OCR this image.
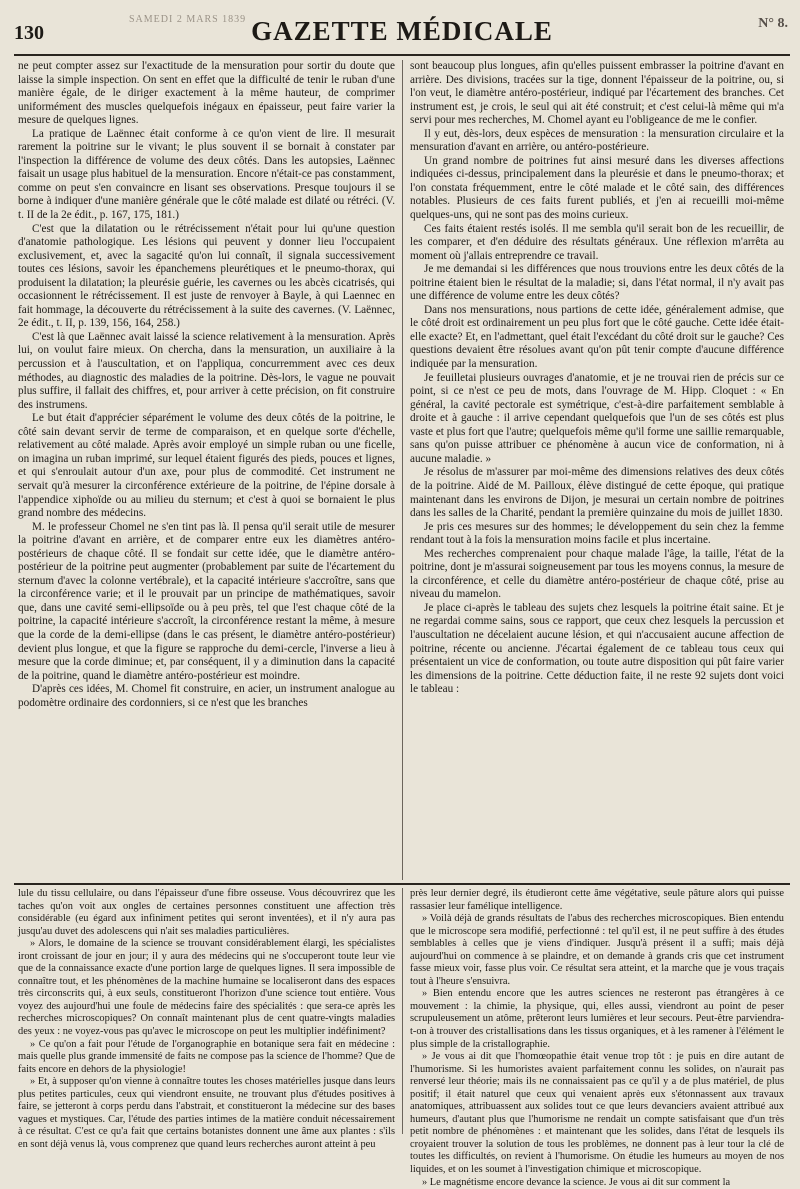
130
SAMEDI 2 MARS 1839 GAZETTE MÉDICALE	N° 8.

ne peut compter assez sur l'exactitude de la mensuration pour sortir du doute que laisse la simple inspection. On sent en effet que la difficulté de tenir le ruban d'une manière égale, de le diriger exactement à la même hauteur, de comprimer uniformément des muscles quelquefois inégaux en épaisseur, peut faire varier la mesure de quelques lignes.

La pratique de Laënnec était conforme à ce qu'on vient de lire. Il mesurait rarement la poitrine sur le vivant; le plus souvent il se bornait à constater par l'inspection la différence de volume des deux côtés. Dans les autopsies, Laënnec faisait un usage plus habituel de la mensuration. Encore n'était-ce pas constamment, comme on peut s'en convaincre en lisant ses observations. Presque toujours il se borne à indiquer d'une manière générale que le côté malade est dilaté ou rétréci. (V. t. II de la 2e édit., p. 167, 175, 181.)

C'est que la dilatation ou le rétrécissement n'était pour lui qu'une question d'anatomie pathologique. Les lésions qui peuvent y donner lieu l'occupaient exclusivement, et, avec la sagacité qu'on lui connaît, il signala successivement toutes ces lésions, savoir les épanchemens pleurétiques et le pneumo-thorax, qui produisent la dilatation; la pleurésie guérie, les cavernes ou les abcès cicatrisés, qui occasionnent le rétrécissement. Il est juste de renvoyer à Bayle, à qui Laennec en fait hommage, la découverte du rétrécissement à la suite des cavernes. (V. Laënnec, 2e édit., t. II, p. 139, 156, 164, 258.)

C'est là que Laënnec avait laissé la science relativement à la mensuration. Après lui, on voulut faire mieux. On chercha, dans la mensuration, un auxiliaire à la percussion et à l'auscultation, et on l'appliqua, concurremment avec ces deux méthodes, au diagnostic des maladies de la poitrine. Dès-lors, le vague ne pouvait plus suffire, il fallait des chiffres, et, pour arriver à cette précision, on fit construire des instrumens.

Le but était d'apprécier séparément le volume des deux côtés de la poitrine, le côté sain devant servir de terme de comparaison, et en quelque sorte d'échelle, relativement au côté malade. Après avoir employé un simple ruban ou une ficelle, on imagina un ruban imprimé, sur lequel étaient figurés des pieds, pouces et lignes, et qui s'enroulait autour d'un axe, pour plus de commodité. Cet instrument ne servait qu'à mesurer la circonférence extérieure de la poitrine, de l'épine dorsale à l'appendice xiphoïde ou au milieu du sternum; et c'est à quoi se bornaient le plus grand nombre des médecins.

M. le professeur Chomel ne s'en tint pas là. Il pensa qu'il serait utile de mesurer la poitrine d'avant en arrière, et de comparer entre eux les diamètres antéro-postérieurs de chaque côté. Il se fondait sur cette idée, que le diamètre antéro-postérieur de la poitrine peut augmenter (probablement par suite de l'écartement du sternum d'avec la colonne vertébrale), et la capacité intérieure s'accroître, sans que la circonférence varie; et il le prouvait par un principe de mathématiques, savoir que, dans une cavité semi-ellipsoïde ou à peu près, tel que l'est chaque côté de la poitrine, la capacité intérieure s'accroît, la circonférence restant la même, à mesure que la corde de la demi-ellipse (dans le cas présent, le diamètre antéro-postérieur) devient plus longue, et que la figure se rapproche du demi-cercle, l'inverse a lieu à mesure que la corde diminue; et, par conséquent, il y a diminution dans la capacité de la poitrine, quand le diamètre antéro-postérieur est moindre.

D'après ces idées, M. Chomel fit construire, en acier, un instrument analogue au podomètre ordinaire des cordonniers, si ce n'est que les branches

sont beaucoup plus longues, afin qu'elles puissent embrasser la poitrine d'avant en arrière. Des divisions, tracées sur la tige, donnent l'épaisseur de la poitrine, ou, si l'on veut, le diamètre antéro-postérieur, indiqué par l'écartement des branches. Cet instrument est, je crois, le seul qui ait été construit; et c'est celui-là même qui m'a servi pour mes recherches, M. Chomel ayant eu l'obligeance de me le confier.

Il y eut, dès-lors, deux espèces de mensuration : la mensuration circulaire et la mensuration d'avant en arrière, ou antéro-postérieure.

Un grand nombre de poitrines fut ainsi mesuré dans les diverses affections indiquées ci-dessus, principalement dans la pleurésie et dans le pneumo-thorax; et l'on constata fréquemment, entre le côté malade et le côté sain, des différences notables. Plusieurs de ces faits furent publiés, et j'en ai recueilli moi-même quelques-uns, qui ne sont pas des moins curieux.

Ces faits étaient restés isolés. Il me sembla qu'il serait bon de les recueillir, de les comparer, et d'en déduire des résultats généraux. Une réflexion m'arrêta au moment où j'allais entreprendre ce travail.

Je me demandai si les différences que nous trouvions entre les deux côtés de la poitrine étaient bien le résultat de la maladie; si, dans l'état normal, il n'y avait pas une différence de volume entre les deux côtés?

Dans nos mensurations, nous partions de cette idée, généralement admise, que le côté droit est ordinairement un peu plus fort que le côté gauche. Cette idée était-elle exacte? Et, en l'admettant, quel était l'excédant du côté droit sur le gauche? Ces questions devaient être résolues avant qu'on pût tenir compte d'aucune différence indiquée par la mensuration.

Je feuilletai plusieurs ouvrages d'anatomie, et je ne trouvai rien de précis sur ce point, si ce n'est ce peu de mots, dans l'ouvrage de M. Hipp. Cloquet : « En général, la cavité pectorale est symétrique, c'est-à-dire parfaitement semblable à droite et à gauche : il arrive cependant quelquefois que l'un de ses côtés est plus vaste et plus fort que l'autre; quelquefois même qu'il forme une saillie remarquable, sans qu'on puisse attribuer ce phénomène à aucun vice de conformation, ni à aucune maladie. »

Je résolus de m'assurer par moi-même des dimensions relatives des deux côtés de la poitrine. Aidé de M. Pailloux, élève distingué de cette époque, qui pratique maintenant dans les environs de Dijon, je mesurai un certain nombre de poitrines dans les salles de la Charité, pendant la première quinzaine du mois de juillet 1830.

Je pris ces mesures sur des hommes; le développement du sein chez la femme rendant tout à la fois la mensuration moins facile et plus incertaine.

Mes recherches comprenaient pour chaque malade l'âge, la taille, l'état de la poitrine, dont je m'assurai soigneusement par tous les moyens connus, la mesure de la circonférence, et celle du diamètre antéro-postérieur de chaque côté, prise au niveau du mamelon.

Je place ci-après le tableau des sujets chez lesquels la poitrine était saine. Et je ne regardai comme sains, sous ce rapport, que ceux chez lesquels la percussion et l'auscultation ne décelaient aucune lésion, et qui n'accusaient aucune affection de poitrine, récente ou ancienne. J'écartai également de ce tableau tous ceux qui présentaient un vice de conformation, ou toute autre disposition qui pût faire varier les dimensions de la poitrine. Cette déduction faite, il ne reste 92 sujets dont voici le tableau :

lule du tissu cellulaire, ou dans l'épaisseur d'une fibre osseuse. Vous découvrirez que les taches qu'on voit aux ongles de certaines personnes constituent une affection très considérable (eu égard aux infiniment petites qui seront inventées), et il n'y aura pas jusqu'au duvet des adolescens qui n'ait ses maladies particulières.

» Alors, le domaine de la science se trouvant considérablement élargi, les spécialistes iront croissant de jour en jour; il y aura des médecins qui ne s'occuperont toute leur vie que de la connaissance exacte d'une portion large de quelques lignes. Il sera impossible de connaître tout, et les phénomènes de la machine humaine se localiseront dans des espaces très circonscrits qui, à eux seuls, constitueront l'horizon d'une science tout entière. Vous voyez des aujourd'hui une foule de médecins faire des spécialités : que sera-ce après les recherches microscopiques? On connaît maintenant plus de cent quatre-vingts maladies des yeux : ne voyez-vous pas qu'avec le microscope on peut les multiplier indéfiniment?

» Ce qu'on a fait pour l'étude de l'organographie en botanique sera fait en médecine : mais quelle plus grande immensité de faits ne compose pas la science de l'homme? Que de faits encore en dehors de la physiologie!

» Et, à supposer qu'on vienne à connaître toutes les choses matérielles jusque dans leurs plus petites particules, ceux qui viendront ensuite, ne trouvant plus d'études positives à faire, se jetteront à corps perdu dans l'abstrait, et constitueront la médecine sur des bases vagues et mystiques. Car, l'étude des parties intimes de la matière conduit nécessairement à ce résultat. C'est ce qu'a fait que certains botanistes donnent une âme aux plantes : s'ils en sont déjà venus là, vous comprenez que quand leurs recherches auront atteint à peu

près leur dernier degré, ils étudieront cette âme végétative, seule pâture alors qui puisse rassasier leur famélique intelligence.

» Voilà déjà de grands résultats de l'abus des recherches microscopiques. Bien entendu que le microscope sera modifié, perfectionné : tel qu'il est, il ne peut suffire à des études semblables à celles que je viens d'indiquer. Jusqu'à présent il a suffi; mais déjà aujourd'hui on commence à se plaindre, et on demande à grands cris que cet instrument fasse mieux voir, fasse plus voir. Ce résultat sera atteint, et la marche que je vous traçais tout à l'heure s'ensuivra.

» Bien entendu encore que les autres sciences ne resteront pas étrangères à ce mouvement : la chimie, la physique, qui, elles aussi, viendront au point de peser scrupuleusement un atôme, prêteront leurs lumières et leur secours. Peut-être parviendra-t-on à trouver des cristallisations dans les tissus organiques, et à les ramener à l'élément le plus simple de la cristallographie.

» Je vous ai dit que l'homœopathie était venue trop tôt : je puis en dire autant de l'humorisme. Si les humoristes avaient parfaitement connu les solides, on n'aurait pas renversé leur théorie; mais ils ne connaissaient pas ce qu'il y a de plus matériel, de plus positif; il était naturel que ceux qui venaient après eux s'étonnassent aux travaux anatomiques, attribuassent aux solides tout ce que leurs devanciers avaient attribué aux humeurs, d'autant plus que l'humorisme ne rendait un compte satisfaisant que d'un très petit nombre de phénomènes : et maintenant que les solides, dans l'état de lesquels ils croyaient trouver la solution de tous les problèmes, ne donnent pas à leur tour la clé de toutes les difficultés, on revient à l'humorisme. On étudie les humeurs au moyen de nos liquides, et on les soumet à l'investigation chimique et microscopique.

» Le magnétisme encore devance la science. Je vous ai dit sur comment la
